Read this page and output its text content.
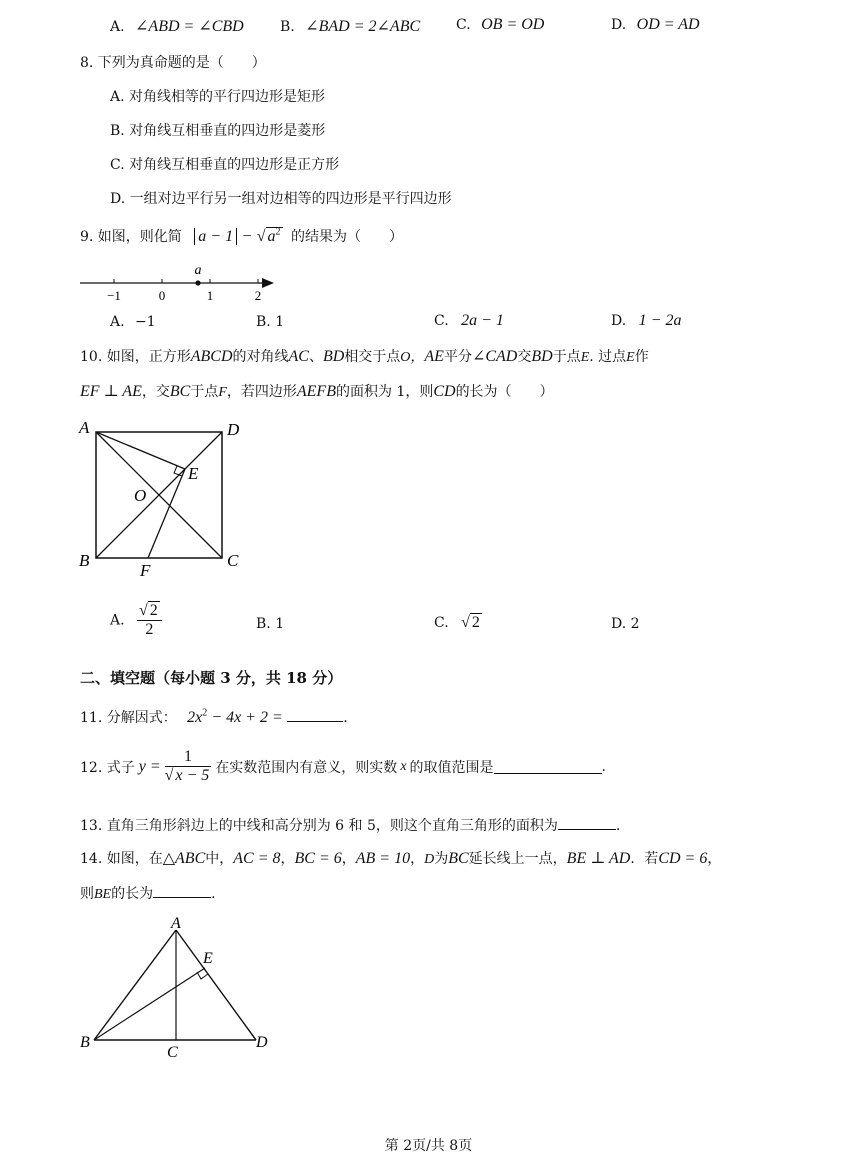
A. ∠ABD = ∠CBD	B. ∠BAD = 2∠ABC	C. OB = OD	D. OD = AD
8. 下列为真命题的是（　　）
A. 对角线相等的平行四边形是矩形
B. 对角线互相垂直的四边形是菱形
C. 对角线互相垂直的四边形是正方形
D. 一组对边平行另一组对边相等的四边形是平行四边形
9. 如图，则化简 a − 1 − √ $a^2$ 的结果为（　　）
a
−1	0	1	2
A. −1	B. 1	C. 2a − 1	D. 1 − 2a
10. 如图，正方形ABCD的对角线AC、BD相交于点O，AE平分∠CAD交BD于点E. 过点E作
EF ⊥ AE，交BC于点F，若四边形AEFB的面积为 1，则CD的长为（　　）
A	D
B	C
O
E
F
A. $\frac{√ 2}{2}$	B. 1	C. √ 2	D. 2
二、填空题（每小题 3 分，共 18 分）
11. 分解因式： $2x^2 - 4x + 2$ =	.
12. 式子 $y = \frac{1}{√ x - 5}$ 在实数范围内有意义，则实数 x 的取值范围是	.
13. 直角三角形斜边上的中线和高分别为 6 和 5，则这个直角三角形的面积为	.
14. 如图，在△ABC中，AC = 8，BC = 6，AB = 10，D为BC延长线上一点，BE ⊥ AD．若CD = 6，
则BE的长为	.
A
E
B
C
D
第 2页/共 8页
